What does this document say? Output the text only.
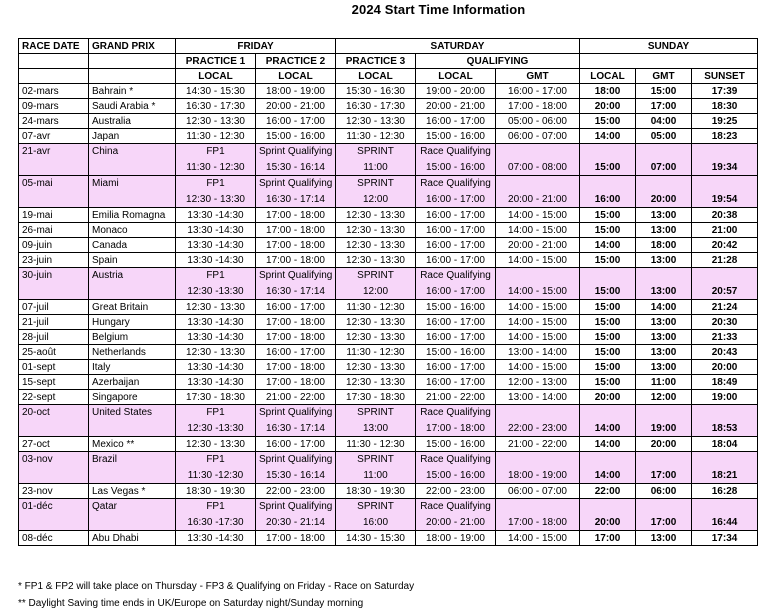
2024 Start Time Information
RACE DATE	GRAND PRIX	FRIDAY		SATURDAY			SUNDAY		
		PRACTICE 1	PRACTICE 2	PRACTICE 3	QUALIFYING				
		LOCAL	LOCAL	LOCAL	LOCAL	GMT	LOCAL	GMT	SUNSET
02-mars	Bahrain *	14:30 - 15:30	18:00 - 19:00	15:30 - 16:30	19:00 - 20:00	16:00 - 17:00	18:00	15:00	17:39
09-mars	Saudi Arabia *	16:30 - 17:30	20:00 - 21:00	16:30 - 17:30	20:00 - 21:00	17:00 - 18:00	20:00	17:00	18:30
24-mars	Australia	12:30 - 13:30	16:00 - 17:00	12:30 - 13:30	16:00 - 17:00	05:00 - 06:00	15:00	04:00	19:25
07-avr	Japan	11:30 - 12:30	15:00 - 16:00	11:30 - 12:30	15:00 - 16:00	06:00 - 07:00	14:00	05:00	18:23
21-avr	China	FP1	Sprint Qualifying	SPRINT	Race Qualifying				
		11:30 - 12:30	15:30 - 16:14	11:00	15:00 - 16:00	07:00 - 08:00	15:00	07:00	19:34
05-mai	Miami	FP1	Sprint Qualifying	SPRINT	Race Qualifying				
		12:30 - 13:30	16:30 - 17:14	12:00	16:00 - 17:00	20:00 - 21:00	16:00	20:00	19:54
19-mai	Emilia Romagna	13:30 -14:30	17:00 - 18:00	12:30 - 13:30	16:00 - 17:00	14:00 - 15:00	15:00	13:00	20:38
26-mai	Monaco	13:30 -14:30	17:00 - 18:00	12:30 - 13:30	16:00 - 17:00	14:00 - 15:00	15:00	13:00	21:00
09-juin	Canada	13:30 -14:30	17:00 - 18:00	12:30 - 13:30	16:00 - 17:00	20:00 - 21:00	14:00	18:00	20:42
23-juin	Spain	13:30 -14:30	17:00 - 18:00	12:30 - 13:30	16:00 - 17:00	14:00 - 15:00	15:00	13:00	21:28
30-juin	Austria	FP1	Sprint Qualifying	SPRINT	Race Qualifying				
		12:30 -13:30	16:30 - 17:14	12:00	16:00 - 17:00	14:00 - 15:00	15:00	13:00	20:57
07-juil	Great Britain	12:30 - 13:30	16:00 - 17:00	11:30 - 12:30	15:00 - 16:00	14:00 - 15:00	15:00	14:00	21:24
21-juil	Hungary	13:30 -14:30	17:00 - 18:00	12:30 - 13:30	16:00 - 17:00	14:00 - 15:00	15:00	13:00	20:30
28-juil	Belgium	13:30 -14:30	17:00 - 18:00	12:30 - 13:30	16:00 - 17:00	14:00 - 15:00	15:00	13:00	21:33
25-août	Netherlands	12:30 - 13:30	16:00 - 17:00	11:30 - 12:30	15:00 - 16:00	13:00 - 14:00	15:00	13:00	20:43
01-sept	Italy	13:30 -14:30	17:00 - 18:00	12:30 - 13:30	16:00 - 17:00	14:00 - 15:00	15:00	13:00	20:00
15-sept	Azerbaijan	13:30 -14:30	17:00 - 18:00	12:30 - 13:30	16:00 - 17:00	12:00 - 13:00	15:00	11:00	18:49
22-sept	Singapore	17:30 - 18:30	21:00 - 22:00	17:30 - 18:30	21:00 - 22:00	13:00 - 14:00	20:00	12:00	19:00
20-oct	United States	FP1	Sprint Qualifying	SPRINT	Race Qualifying				
		12:30 -13:30	16:30 - 17:14	13:00	17:00 - 18:00	22:00 - 23:00	14:00	19:00	18:53
27-oct	Mexico **	12:30 - 13:30	16:00 - 17:00	11:30 - 12:30	15:00 - 16:00	21:00 - 22:00	14:00	20:00	18:04
03-nov	Brazil	FP1	Sprint Qualifying	SPRINT	Race Qualifying				
		11:30 -12:30	15:30 - 16:14	11:00	15:00 - 16:00	18:00 - 19:00	14:00	17:00	18:21
23-nov	Las Vegas *	18:30 - 19:30	22:00 - 23:00	18:30 - 19:30	22:00 - 23:00	06:00 - 07:00	22:00	06:00	16:28
01-déc	Qatar	FP1	Sprint Qualifying	SPRINT	Race Qualifying				
		16:30 -17:30	20:30 - 21:14	16:00	20:00 - 21:00	17:00 - 18:00	20:00	17:00	16:44
08-déc	Abu Dhabi	13:30 -14:30	17:00 - 18:00	14:30 - 15:30	18:00 - 19:00	14:00 - 15:00	17:00	13:00	17:34
* FP1 & FP2 will take place on Thursday - FP3 & Qualifying on Friday - Race on Saturday
** Daylight Saving time ends in UK/Europe on Saturday night/Sunday morning
